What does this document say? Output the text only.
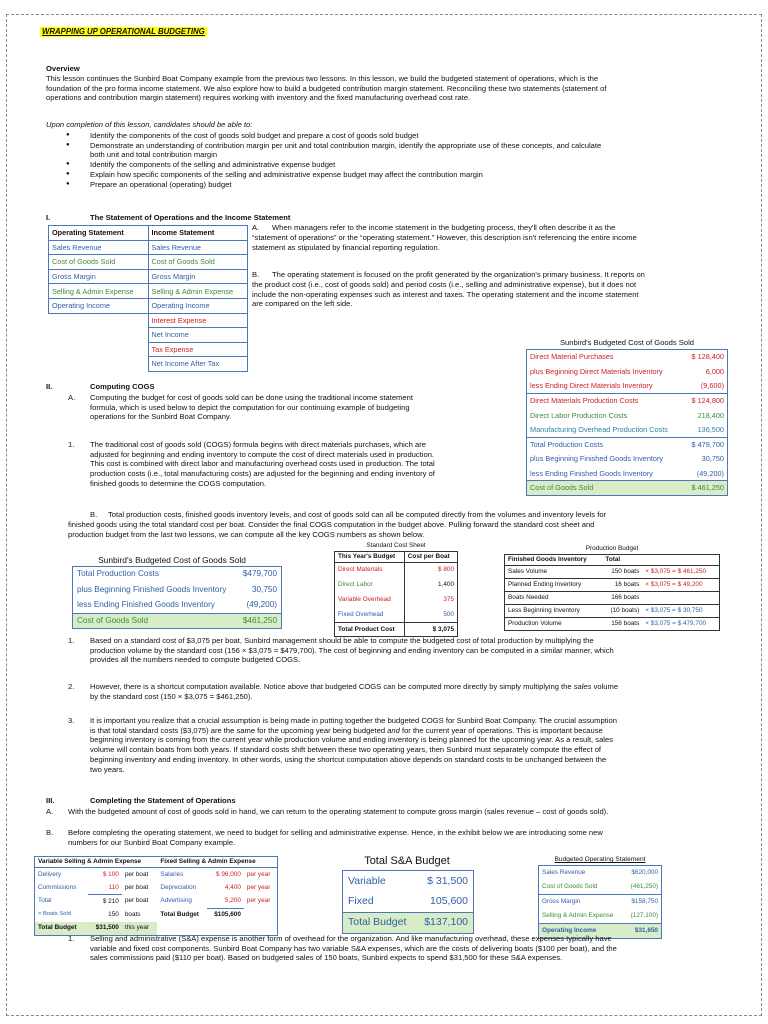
WRAPPING UP OPERATIONAL BUDGETING
Overview
This lesson continues the Sunbird Boat Company example from the previous two lessons. In this lesson, we build the budgeted statement of operations, which is the
foundation of the pro forma income statement. We also explore how to build a budgeted contribution margin statement. Reconciling these two statements (statement of
operations and contribution margin statement) requires working with inventory and the fixed manufacturing overhead cost rate.
Upon completion of this lesson, candidates should be able to:
● Identify the components of the cost of goods sold budget and prepare a cost of goods sold budget
● Demonstrate an understanding of contribution margin per unit and total contribution margin, identify the appropriate use of these concepts, and calculate
both unit and total contribution margin
● Identify the components of the selling and administrative expense budget
● Explain how specific components of the selling and administrative expense budget may affect the contribution margin
● Prepare an operational (operating) budget
I.	The Statement of Operations and the Income Statement
Operating Statement	Income Statement
Sales Revenue	Sales Revenue
Cost of Goods Sold	Cost of Goods Sold
Gross Margin	Gross Margin
Selling & Admin Expense	Selling & Admin Expense
Operating Income	Operating Income
	Interest Expense
	Net Income
	Tax Expense
	Net Income After Tax
A. When managers refer to the income statement in the budgeting process, they'll often describe it as the
“statement of operations” or the “operating statement.” However, this description isn't referencing the entire income
statement as stipulated by financial reporting regulation.
B. The operating statement is focused on the profit generated by the organization's primary business. It reports on
the product cost (i.e., cost of goods sold) and period costs (i.e., selling and administrative expense), but it does not
include the non-operating expenses such as interest and taxes. The operating statement and the income statement
are compared on the left side.
Sunbird's Budgeted Cost of Goods Sold
Direct Material Purchases	$ 128,400
plus Beginning Direct Materials Inventory	6,000
less Ending Direct Materials Inventory	(9,600)
Direct Materials Production Costs	$ 124,800
Direct Labor Production Costs	218,400
Manufacturing Overhead Production Costs	136,500
Total Production Costs	$ 479,700
plus Beginning Finished Goods Inventory	30,750
less Ending Finished Goods Inventory	(49,200)
Cost of Goods Sold	$ 461,250
II.	Computing COGS
A. Computing the budget for cost of goods sold can be done using the traditional income statement
formula, which is used below to depict the computation for our continuing example of budgeting
operations for the Sunbird Boat Company.
1. The traditional cost of goods sold (COGS) formula begins with direct materials purchases, which are
adjusted for beginning and ending inventory to compute the cost of direct materials used in production.
This cost is combined with direct labor and manufacturing overhead costs used in production. The total
production costs (i.e., total manufacturing costs) are adjusted for the beginning and ending inventory of
finished goods to determine the COGS computation.
B. Total production costs, finished goods inventory levels, and cost of goods sold can all be computed directly from the volumes and inventory levels for
finished goods using the total standard cost per boat. Consider the final COGS computation in the budget above. Pulling forward the standard cost sheet and
production budget from the last two lessons, we can compute all the key COGS numbers as shown below.
Sunbird's Budgeted Cost of Goods Sold
Total Production Costs	$479,700
plus Beginning Finished Goods Inventory	30,750
less Ending Finished Goods Inventory	(49,200)
Cost of Goods Sold	$461,250
Standard Cost Sheet
This Year's Budget	Cost per Boat
Direct Materials	$ 800
Direct Labor	1,400
Variable Overhead	375
Fixed Overhead	500
Total Product Cost	$ 3,075
Production Budget
Finished Goods Inventory	Total	
Sales Volume	150 boats	× $3,075 = $ 461,250
Planned Ending Inventory	16 boats	× $3,075 = $ 49,200
Boats Needed	166 boats	
Less Beginning Inventory	(10 boats)	× $3,075 = $ 30,750
Production Volume	156 boats	× $3,075 = $ 479,700
1. Based on a standard cost of $3,075 per boat, Sunbird management should be able to compute the budgeted cost of total production by multiplying the
production volume by the standard cost (156 × $3,075 = $479,700). The cost of beginning and ending inventory can be computed in a similar manner, which
provides all the numbers needed to compute budgeted COGS.
2. However, there is a shortcut computation available. Notice above that budgeted COGS can be computed more directly by simply multiplying the sales volume
by the standard cost (150 × $3,075 = $461,250).
3. It is important you realize that a crucial assumption is being made in putting together the budgeted COGS for Sunbird Boat Company. The crucial assumption
is that total standard costs ($3,075) are the same for the upcoming year being budgeted and for the current year of operations. This is important because
beginning inventory is coming from the current year while production volume and ending inventory is being planned for the upcoming year. As a result, sales
volume will contain boats from both years. If standard costs shift between these two operating years, then Sunbird must separately compute the effect of
beginning inventory and ending inventory. In other words, using the shortcut computation above depends on standard costs to be unchanged between the
two years.
III.	Completing the Statement of Operations
A. With the budgeted amount of cost of goods sold in hand, we can return to the operating statement to compute gross margin (sales revenue – cost of goods sold).
B. Before completing the operating statement, we need to budget for selling and administrative expense. Hence, in the exhibit below we are introducing some new
numbers for our Sunbird Boat Company example.
Variable Selling & Admin Expense			Fixed Selling & Admin Expense		
Delivery	$ 100	per boat	Salaries	$ 96,000	per year
Commissions	110	per boat	Depreciation	4,400	per year
Total	$ 210	per boat	Advertising	5,200	per year
× Boats Sold	150	boats	Total Budget	$105,600	
Total Budget	$31,500	this year			
Total S&A Budget
Variable	$ 31,500
Fixed	105,600
Total Budget	$137,100
Budgeted Operating Statement
Sales Revenue	$620,000
Cost of Goods Sold	(461,250)
Gross Margin	$158,750
Selling & Admin Expense	(127,100)
Operating Income	$31,650
1. Selling and administrative (S&A) expense is another form of overhead for the organization. And like manufacturing overhead, these expenses typically have
variable and fixed cost components. Sunbird Boat Company has two variable S&A expenses, which are the costs of delivering boats ($100 per boat), and the
sales commissions paid ($110 per boat). Based on budgeted sales of 150 boats, Sunbird expects to spend $31,500 for these S&A expenses.
